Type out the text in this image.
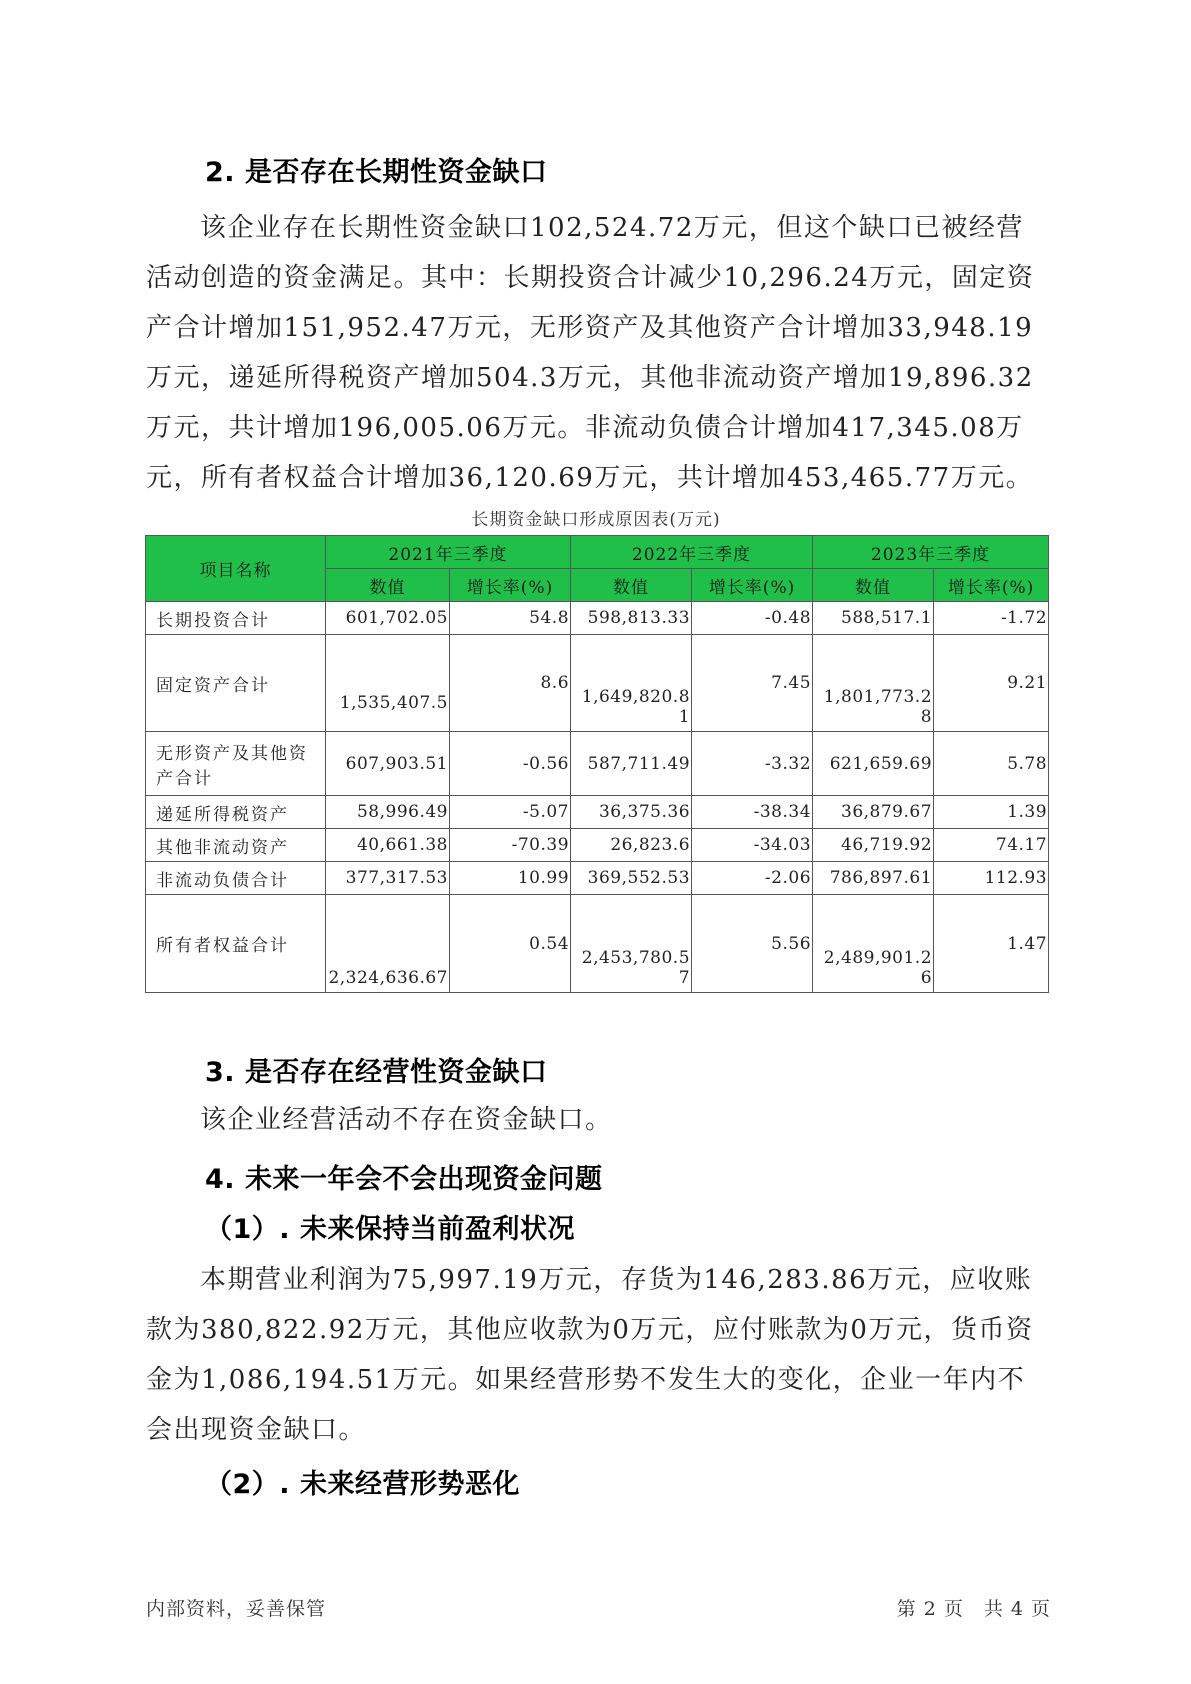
2. 是否存在长期性资金缺口

该企业存在长期性资金缺口102,524.72万元，但这个缺口已被经营活动创造的资金满足。其中：长期投资合计减少10,296.24万元，固定资产合计增加151,952.47万元，无形资产及其他资产合计增加33,948.19万元，递延所得税资产增加504.3万元，其他非流动资产增加19,896.32万元，共计增加196,005.06万元。非流动负债合计增加417,345.08万元，所有者权益合计增加36,120.69万元，共计增加453,465.77万元。

长期资金缺口形成原因表(万元)
项目名称	2021年三季度		2022年三季度		2023年三季度	
	数值	增长率(%)	数值	增长率(%)	数值	增长率(%)
长期投资合计	601,702.05	54.8	598,813.33	-0.48	588,517.1	-1.72
固定资产合计	1,535,407.5	8.6	1,649,820.81	7.45	1,801,773.28	9.21
无形资产及其他资产合计	607,903.51	-0.56	587,711.49	-3.32	621,659.69	5.78
递延所得税资产	58,996.49	-5.07	36,375.36	-38.34	36,879.67	1.39
其他非流动资产	40,661.38	-70.39	26,823.6	-34.03	46,719.92	74.17
非流动负债合计	377,317.53	10.99	369,552.53	-2.06	786,897.61	112.93
所有者权益合计	2,324,636.67	0.54	2,453,780.57	5.56	2,489,901.26	1.47
3. 是否存在经营性资金缺口

该企业经营活动不存在资金缺口。

4. 未来一年会不会出现资金问题
（1）. 未来保持当前盈利状况

本期营业利润为75,997.19万元，存货为146,283.86万元，应收账款为380,822.92万元，其他应收款为0万元，应付账款为0万元，货币资金为1,086,194.51万元。如果经营形势不发生大的变化，企业一年内不会出现资金缺口。

（2）. 未来经营形势恶化
内部资料，妥善保管	第 2 页　共 4 页
